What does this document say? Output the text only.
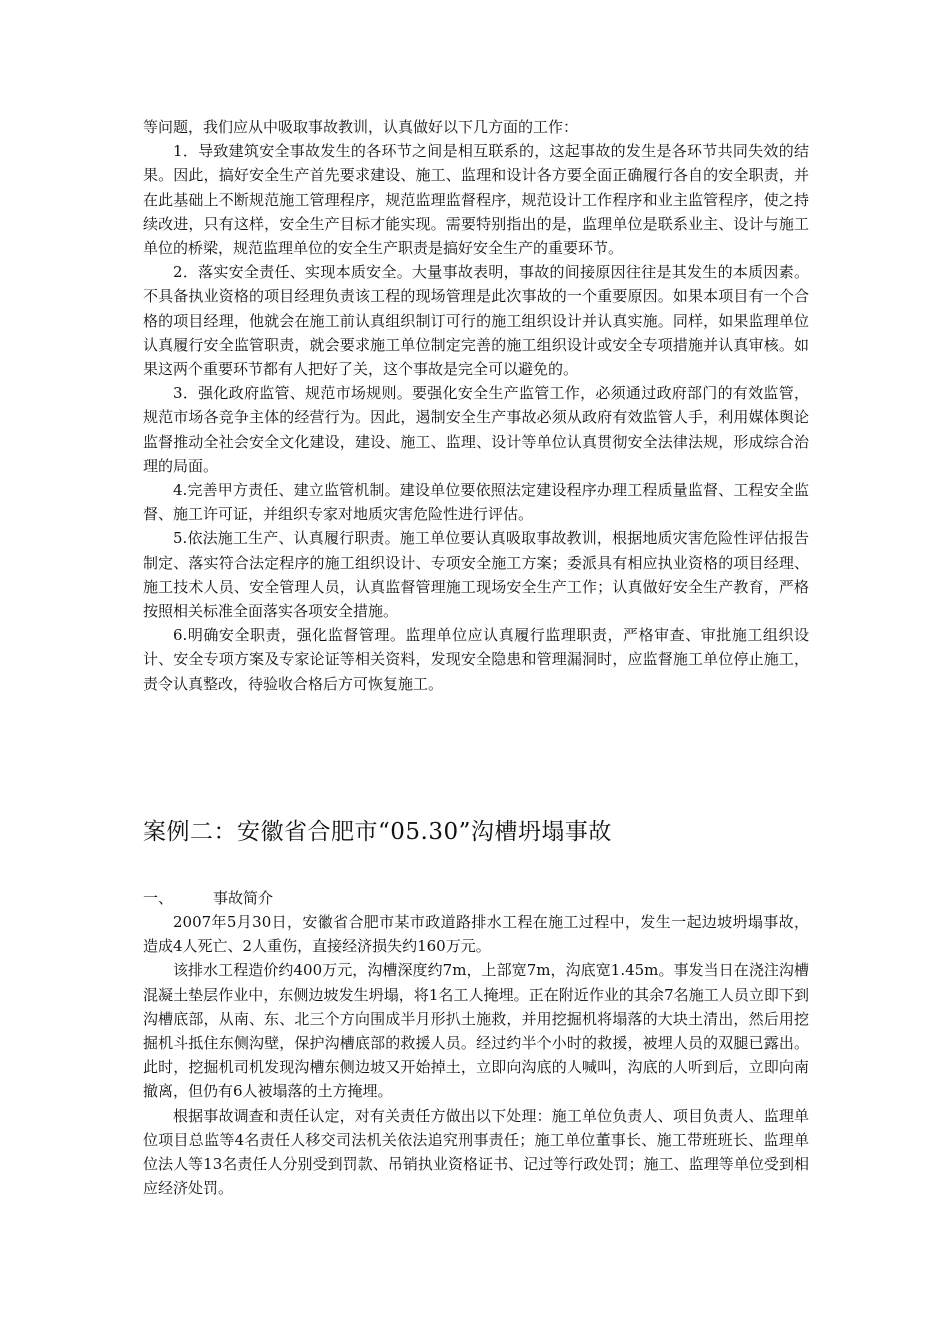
等问题，我们应从中吸取事故教训，认真做好以下几方面的工作：

1．导致建筑安全事故发生的各环节之间是相互联系的，这起事故的发生是各环节共同失效的结果。因此，搞好安全生产首先要求建设、施工、监理和设计各方要全面正确履行各自的安全职责，并在此基础上不断规范施工管理程序，规范监理监督程序，规范设计工作程序和业主监管程序，使之持续改进，只有这样，安全生产目标才能实现。需要特别指出的是，监理单位是联系业主、设计与施工单位的桥梁，规范监理单位的安全生产职责是搞好安全生产的重要环节。

2．落实安全责任、实现本质安全。大量事故表明，事故的间接原因往往是其发生的本质因素。不具备执业资格的项目经理负责该工程的现场管理是此次事故的一个重要原因。如果本项目有一个合格的项目经理，他就会在施工前认真组织制订可行的施工组织设计并认真实施。同样，如果监理单位认真履行安全监管职责，就会要求施工单位制定完善的施工组织设计或安全专项措施并认真审核。如果这两个重要环节都有人把好了关，这个事故是完全可以避免的。

3．强化政府监管、规范市场规则。要强化安全生产监管工作，必须通过政府部门的有效监管，规范市场各竞争主体的经营行为。因此，遏制安全生产事故必须从政府有效监管人手，利用媒体舆论监督推动全社会安全文化建设，建设、施工、监理、设计等单位认真贯彻安全法律法规，形成综合治理的局面。

4.完善甲方责任、建立监管机制。建设单位要依照法定建设程序办理工程质量监督、工程安全监督、施工许可证，并组织专家对地质灾害危险性进行评估。

5.依法施工生产、认真履行职责。施工单位要认真吸取事故教训，根据地质灾害危险性评估报告制定、落实符合法定程序的施工组织设计、专项安全施工方案；委派具有相应执业资格的项目经理、施工技术人员、安全管理人员，认真监督管理施工现场安全生产工作；认真做好安全生产教育，严格按照相关标准全面落实各项安全措施。

6.明确安全职责，强化监督管理。监理单位应认真履行监理职责，严格审查、审批施工组织设计、安全专项方案及专家论证等相关资料，发现安全隐患和管理漏洞时，应监督施工单位停止施工，责令认真整改，待验收合格后方可恢复施工。

案例二：安徽省合肥市“05.30”沟槽坍塌事故
一、	事故简介

2007年5月30日，安徽省合肥市某市政道路排水工程在施工过程中，发生一起边坡坍塌事故，造成4人死亡、2人重伤，直接经济损失约160万元。

该排水工程造价约400万元，沟槽深度约7m，上部宽7m，沟底宽1.45m。事发当日在浇注沟槽混凝土垫层作业中，东侧边坡发生坍塌，将1名工人掩埋。正在附近作业的其余7名施工人员立即下到沟槽底部，从南、东、北三个方向围成半月形扒土施救，并用挖掘机将塌落的大块土清出，然后用挖掘机斗抵住东侧沟壁，保护沟槽底部的救援人员。经过约半个小时的救援，被埋人员的双腿已露出。此时，挖掘机司机发现沟槽东侧边坡又开始掉土，立即向沟底的人喊叫，沟底的人听到后，立即向南撤离，但仍有6人被塌落的土方掩埋。

根据事故调查和责任认定，对有关责任方做出以下处理：施工单位负责人、项目负责人、监理单位项目总监等4名责任人移交司法机关依法追究刑事责任；施工单位董事长、施工带班班长、监理单位法人等13名责任人分别受到罚款、吊销执业资格证书、记过等行政处罚；施工、监理等单位受到相应经济处罚。
